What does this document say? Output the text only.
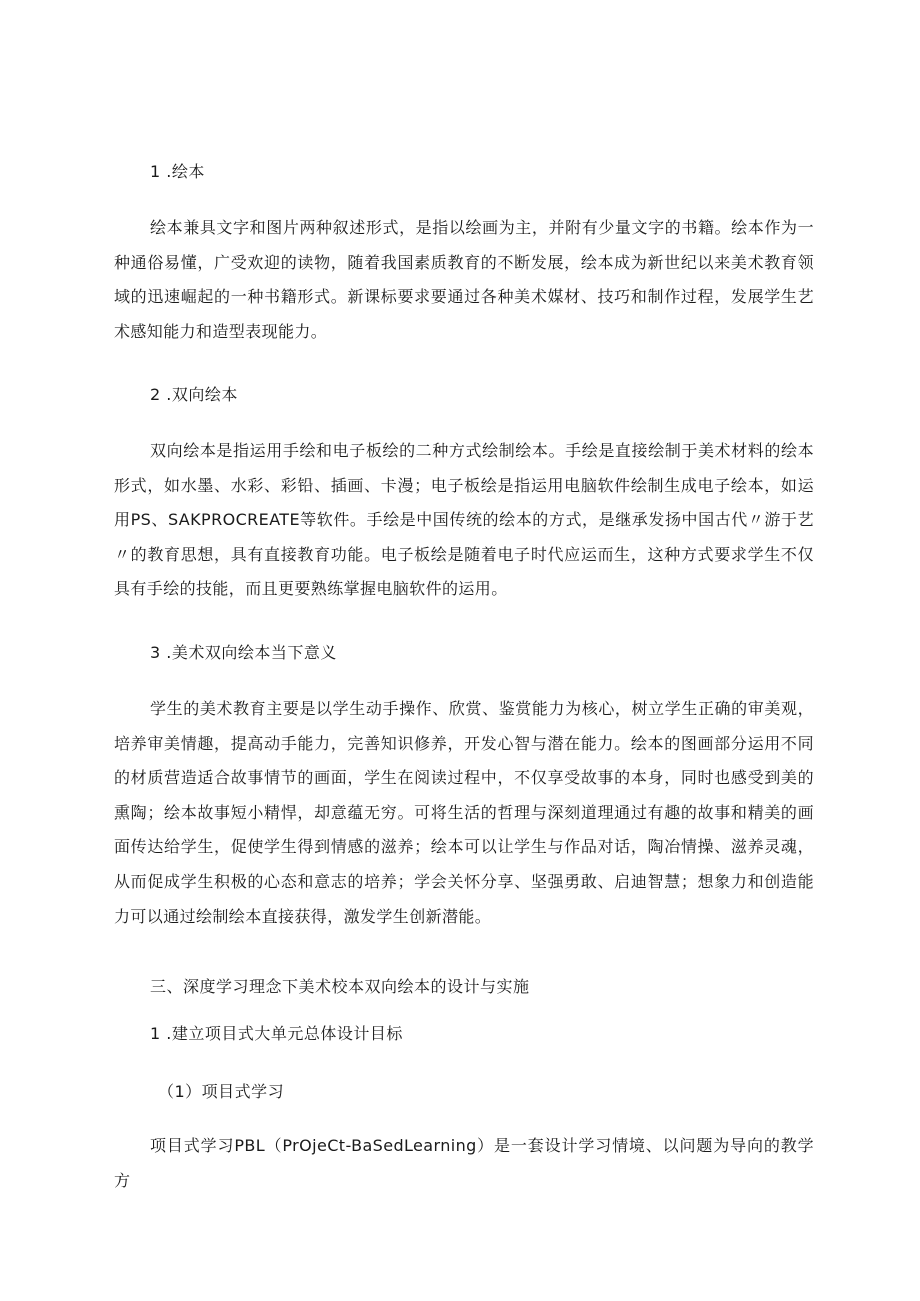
1 .绘本
绘本兼具文字和图片两种叙述形式，是指以绘画为主，并附有少量文字的书籍。绘本作为一种通俗易懂，广受欢迎的读物，随着我国素质教育的不断发展，绘本成为新世纪以来美术教育领域的迅速崛起的一种书籍形式。新课标要求要通过各种美术媒材、技巧和制作过程，发展学生艺术感知能力和造型表现能力。
2 .双向绘本
双向绘本是指运用手绘和电子板绘的二种方式绘制绘本。手绘是直接绘制于美术材料的绘本形式，如水墨、水彩、彩铅、插画、卡漫；电子板绘是指运用电脑软件绘制生成电子绘本，如运用PS、SAKPROCREATE等软件。手绘是中国传统的绘本的方式，是继承发扬中国古代〃游于艺〃的教育思想，具有直接教育功能。电子板绘是随着电子时代应运而生，这种方式要求学生不仅具有手绘的技能，而且更要熟练掌握电脑软件的运用。
3 .美术双向绘本当下意义
学生的美术教育主要是以学生动手操作、欣赏、鉴赏能力为核心，树立学生正确的审美观，培养审美情趣，提高动手能力，完善知识修养，开发心智与潜在能力。绘本的图画部分运用不同的材质营造适合故事情节的画面，学生在阅读过程中，不仅享受故事的本身，同时也感受到美的熏陶；绘本故事短小精悍，却意蕴无穷。可将生活的哲理与深刻道理通过有趣的故事和精美的画面传达给学生，促使学生得到情感的滋养；绘本可以让学生与作品对话，陶冶情操、滋养灵魂，从而促成学生积极的心态和意志的培养；学会关怀分享、坚强勇敢、启迪智慧；想象力和创造能力可以通过绘制绘本直接获得，激发学生创新潜能。
三、深度学习理念下美术校本双向绘本的设计与实施
1 .建立项目式大单元总体设计目标
（1）项目式学习
项目式学习PBL（PrOjeCt-BaSedLearning）是一套设计学习情境、以问题为导向的教学方
